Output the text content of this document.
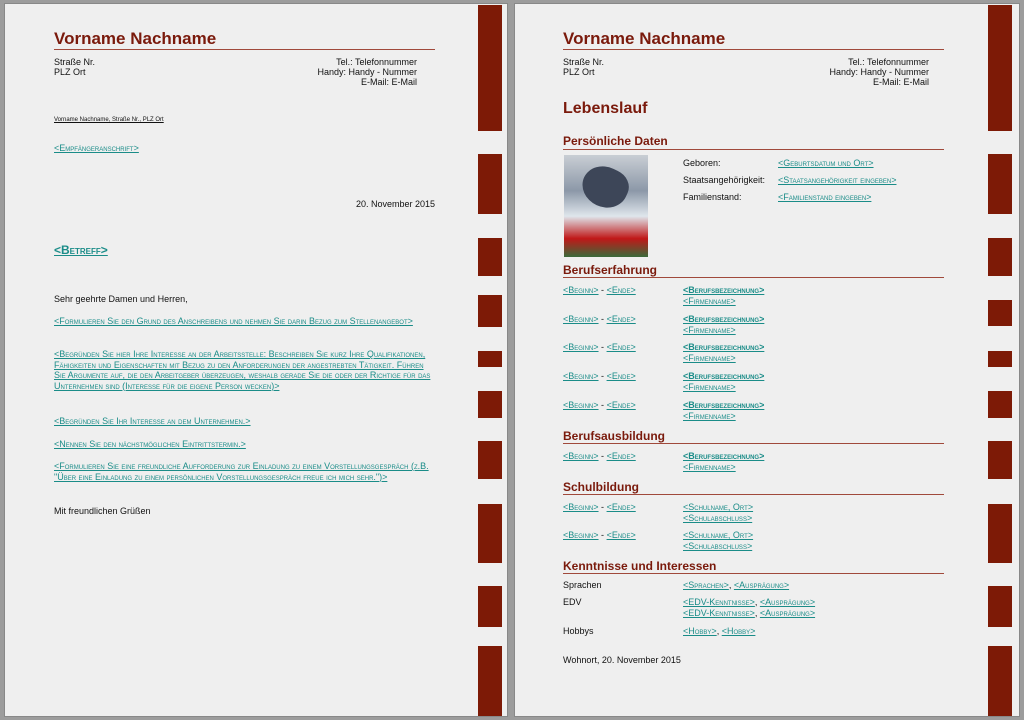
Vorname Nachname
Straße Nr.
PLZ Ort
Tel.: Telefonnummer
Handy: Handy - Nummer
E-Mail: E-Mail
Vorname Nachname, Straße Nr., PLZ Ort
<Empfängeranschrift>
20. November 2015
<Betreff>
Sehr geehrte Damen und Herren,
<Formulieren Sie den Grund des Anschreibens und nehmen Sie darin Bezug zum Stellenangebot>
<Begründen Sie hier Ihre Interesse an der Arbeitsstelle: Beschreiben Sie kurz Ihre Qualifikationen, Fähigkeiten und Eigenschaften mit Bezug zu den Anforderungen der angestrebten Tätigkeit. Führen Sie Argumente auf, die den Arbeitgeber überzeugen, weshalb gerade Sie die oder der Richtige für das Unternehmen sind (Interesse für die eigene Person wecken)>
<Begründen Sie Ihr Interesse an dem Unternehmen.>
<Nennen Sie den nächstmöglichen Eintrittstermin.>
<Formulieren Sie eine freundliche Aufforderung zur Einladung zu einem Vorstellungsgespräch (z.B. "Über eine Einladung zu einem persönlichen Vorstellungsgespräch freue ich mich sehr.")>
Mit freundlichen Grüßen
Vorname Nachname
Straße Nr.
PLZ Ort
Tel.: Telefonnummer
Handy: Handy - Nummer
E-Mail: E-Mail
Lebenslauf
Persönliche Daten
Geboren:	<Geburtsdatum und Ort>
Staatsangehörigkeit: <Staatsangehörigkeit eingeben>
Familienstand:	<Familienstand eingeben>
Berufserfahrung
<Beginn> - <Ende>	<Berufsbezeichnung>
<Firmenname>
<Beginn> - <Ende>	<Berufsbezeichnung>
<Firmenname>
<Beginn> - <Ende>	<Berufsbezeichnung>
<Firmenname>
<Beginn> - <Ende>	<Berufsbezeichnung>
<Firmenname>
<Beginn> - <Ende>	<Berufsbezeichnung>
<Firmenname>
Berufsausbildung
<Beginn> - <Ende>	<Berufsbezeichnung>
<Firmenname>
Schulbildung
<Beginn> - <Ende>	<Schulname, Ort>
<Schulabschluss>
<Beginn> - <Ende>	<Schulname, Ort>
<Schulabschluss>
Kenntnisse und Interessen
Sprachen	<Sprachen>, <Ausprägung>
EDV	<EDV-Kenntnisse>, <Ausprägung>
<EDV-Kenntnisse>, <Ausprägung>
Hobbys	<Hobby>, <Hobby>
Wohnort, 20. November 2015
